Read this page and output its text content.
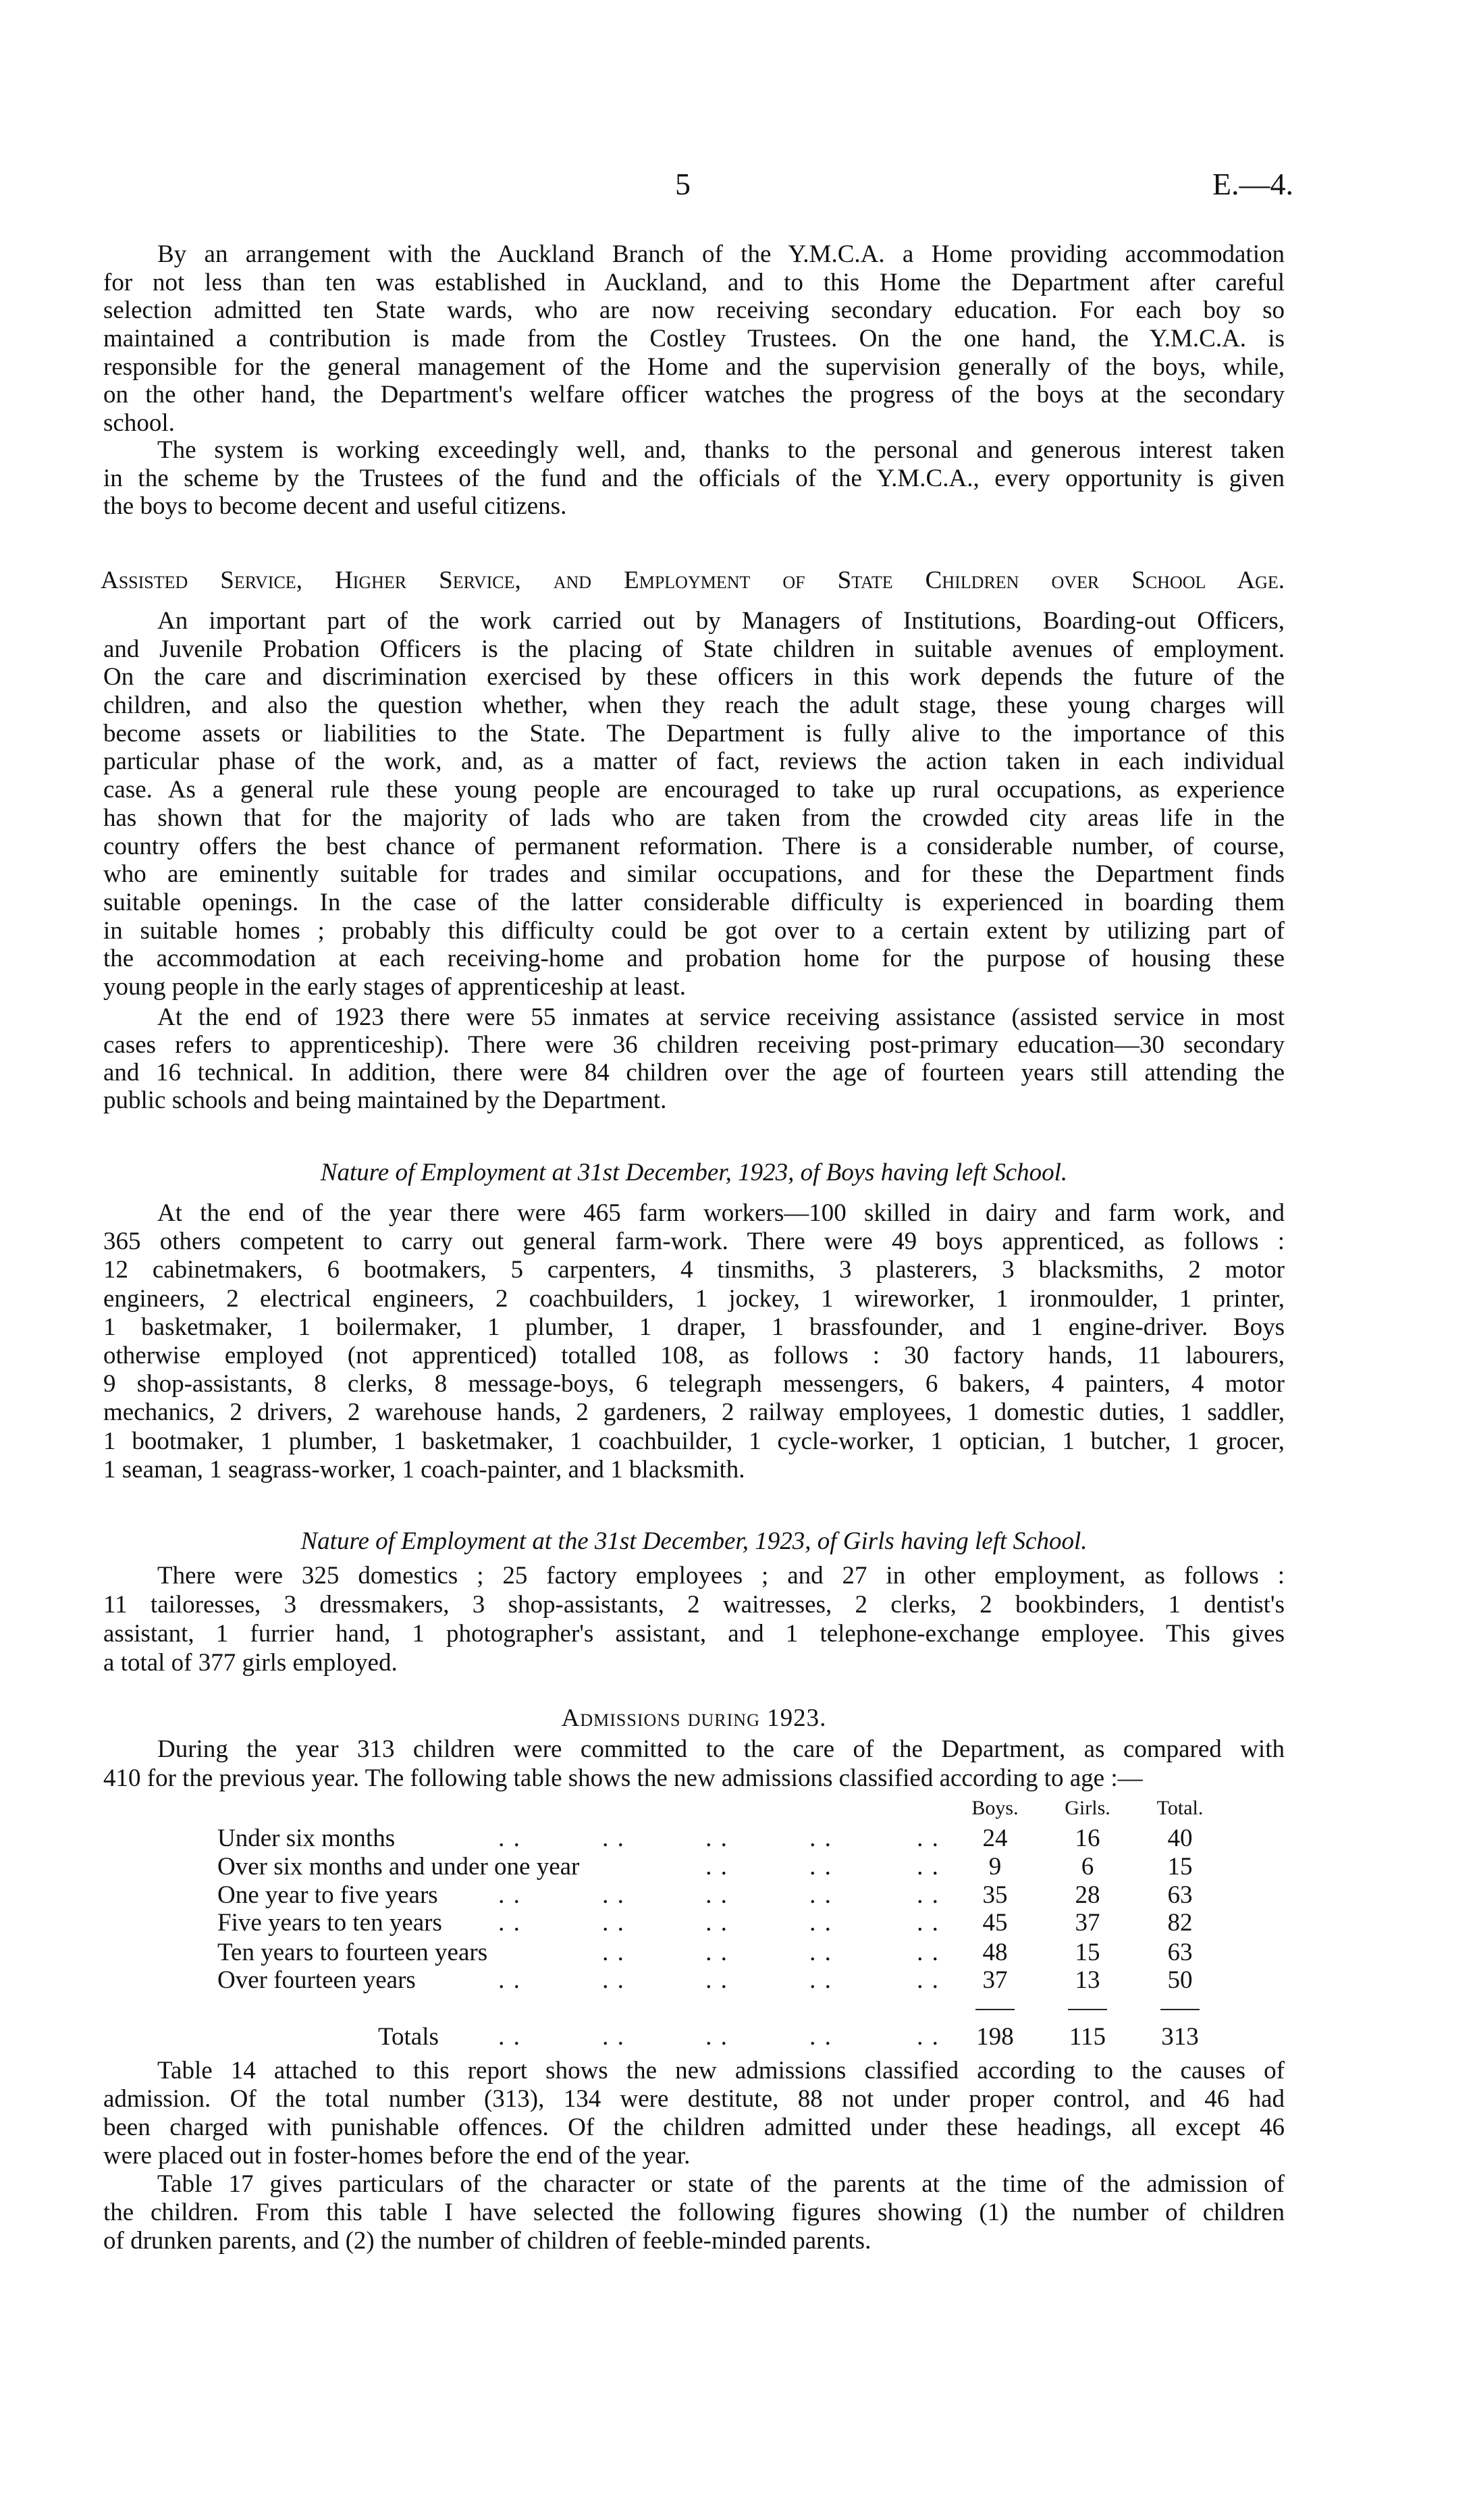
5	E.—4.
Assisted Service, Higher Service, and Employment of State Children over School Age.
Nature of Employment at 31st December, 1923, of Boys having left School.
Nature of Employment at the 31st December, 1923, of Girls having left School.
Admissions during 1923.
By an arrangement with the Auckland Branch of the Y.M.C.A. a Home providing accommodation
for not less than ten was established in Auckland, and to this Home the Department after careful
selection admitted ten State wards, who are now receiving secondary education. For each boy so
maintained a contribution is made from the Costley Trustees. On the one hand, the Y.M.C.A. is
responsible for the general management of the Home and the supervision generally of the boys, while,
on the other hand, the Department's welfare officer watches the progress of the boys at the secondary
school.
The system is working exceedingly well, and, thanks to the personal and generous interest taken
in the scheme by the Trustees of the fund and the officials of the Y.M.C.A., every opportunity is given
the boys to become decent and useful citizens.
An important part of the work carried out by Managers of Institutions, Boarding-out Officers,
and Juvenile Probation Officers is the placing of State children in suitable avenues of employment.
On the care and discrimination exercised by these officers in this work depends the future of the
children, and also the question whether, when they reach the adult stage, these young charges will
become assets or liabilities to the State. The Department is fully alive to the importance of this
particular phase of the work, and, as a matter of fact, reviews the action taken in each individual
case. As a general rule these young people are encouraged to take up rural occupations, as experience
has shown that for the majority of lads who are taken from the crowded city areas life in the
country offers the best chance of permanent reformation. There is a considerable number, of course,
who are eminently suitable for trades and similar occupations, and for these the Department finds
suitable openings. In the case of the latter considerable difficulty is experienced in boarding them
in suitable homes ; probably this difficulty could be got over to a certain extent by utilizing part of
the accommodation at each receiving-home and probation home for the purpose of housing these
young people in the early stages of apprenticeship at least.
At the end of 1923 there were 55 inmates at service receiving assistance (assisted service in most
cases refers to apprenticeship). There were 36 children receiving post-primary education—30 secondary
and 16 technical. In addition, there were 84 children over the age of fourteen years still attending the
public schools and being maintained by the Department.
At the end of the year there were 465 farm workers—100 skilled in dairy and farm work, and
365 others competent to carry out general farm-work. There were 49 boys apprenticed, as follows :
12 cabinetmakers, 6 bootmakers, 5 carpenters, 4 tinsmiths, 3 plasterers, 3 blacksmiths, 2 motor
engineers, 2 electrical engineers, 2 coachbuilders, 1 jockey, 1 wireworker, 1 ironmoulder, 1 printer,
1 basketmaker, 1 boilermaker, 1 plumber, 1 draper, 1 brassfounder, and 1 engine-driver. Boys
otherwise employed (not apprenticed) totalled 108, as follows : 30 factory hands, 11 labourers,
9 shop-assistants, 8 clerks, 8 message-boys, 6 telegraph messengers, 6 bakers, 4 painters, 4 motor
mechanics, 2 drivers, 2 warehouse hands, 2 gardeners, 2 railway employees, 1 domestic duties, 1 saddler,
1 bootmaker, 1 plumber, 1 basketmaker, 1 coachbuilder, 1 cycle-worker, 1 optician, 1 butcher, 1 grocer,
1 seaman, 1 seagrass-worker, 1 coach-painter, and 1 blacksmith.
There were 325 domestics ; 25 factory employees ; and 27 in other employment, as follows :
11 tailoresses, 3 dressmakers, 3 shop-assistants, 2 waitresses, 2 clerks, 2 bookbinders, 1 dentist's
assistant, 1 furrier hand, 1 photographer's assistant, and 1 telephone-exchange employee. This gives
a total of 377 girls employed.
During the year 313 children were committed to the care of the Department, as compared with
410 for the previous year. The following table shows the new admissions classified according to age :—
Table 14 attached to this report shows the new admissions classified according to the causes of
admission. Of the total number (313), 134 were destitute, 88 not under proper control, and 46 had
been charged with punishable offences. Of the children admitted under these headings, all except 46
were placed out in foster-homes before the end of the year.
Table 17 gives particulars of the character or state of the parents at the time of the admission of
the children. From this table I have selected the following figures showing (1) the number of children
of drunken parents, and (2) the number of children of feeble-minded parents.
Boys.	Girls.	Total.
Under six months . . . . . . . . . .	24	16	40
Over six months and under one year . . . . . .	9	6	15
One year to five years . . . . . . . . . .	35	28	63
Five years to ten years . . . . . . . . . .	45	37	82
Ten years to fourteen years . . . . . . . .	48	15	63
Over fourteen years . . . . . . . . . .	37	13	50
Totals . . . . . . . . . .	198	115	313
